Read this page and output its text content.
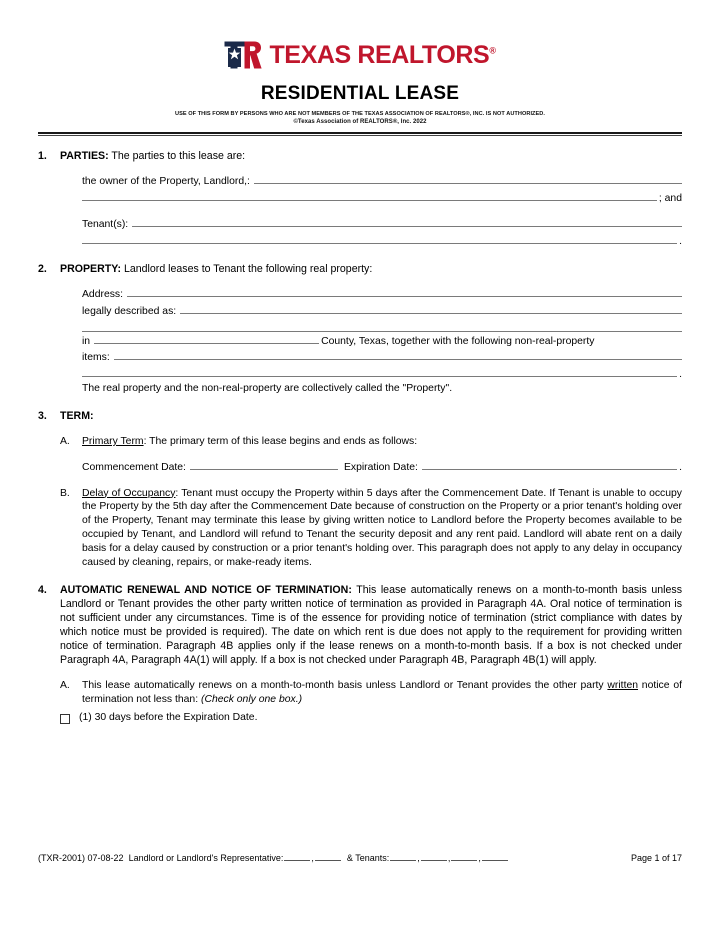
TEXAS REALTORS®
RESIDENTIAL LEASE
USE OF THIS FORM BY PERSONS WHO ARE NOT MEMBERS OF THE TEXAS ASSOCIATION OF REALTORS®, INC. IS NOT AUTHORIZED.
©Texas Association of REALTORS®, Inc. 2022
1.	PARTIES: The parties to this lease are:
the owner of the Property, Landlord,:
; and
Tenant(s):
.
2.	PROPERTY: Landlord leases to Tenant the following real property:
Address:
legally described as:
in	County, Texas, together with the following non-real-property
items:
.
The real property and the non-real-property are collectively called the "Property".
3.	TERM:
A.	Primary Term: The primary term of this lease begins and ends as follows:
Commencement Date:	Expiration Date:	.
B.	Delay of Occupancy: Tenant must occupy the Property within 5 days after the Commencement Date. If Tenant is unable to occupy the Property by the 5th day after the Commencement Date because of construction on the Property or a prior tenant's holding over of the Property, Tenant may terminate this lease by giving written notice to Landlord before the Property becomes available to be occupied by Tenant, and Landlord will refund to Tenant the security deposit and any rent paid. Landlord will abate rent on a daily basis for a delay caused by construction or a prior tenant's holding over. This paragraph does not apply to any delay in occupancy caused by cleaning, repairs, or make-ready items.
4.	AUTOMATIC RENEWAL AND NOTICE OF TERMINATION: This lease automatically renews on a month-to-month basis unless Landlord or Tenant provides the other party written notice of termination as provided in Paragraph 4A. Oral notice of termination is not sufficient under any circumstances. Time is of the essence for providing notice of termination (strict compliance with dates by which notice must be provided is required). The date on which rent is due does not apply to the requirement for providing written notice of termination. Paragraph 4B applies only if the lease renews on a month-to-month basis. If a box is not checked under Paragraph 4A, Paragraph 4A(1) will apply. If a box is not checked under Paragraph 4B, Paragraph 4B(1) will apply.
A.	This lease automatically renews on a month-to-month basis unless Landlord or Tenant provides the other party written notice of termination not less than: (Check only one box.)
(1) 30 days before the Expiration Date.
(TXR-2001) 07-08-22 Landlord or Landlord's Representative:	,	& Tenants:	,	,	,	Page 1 of 17
